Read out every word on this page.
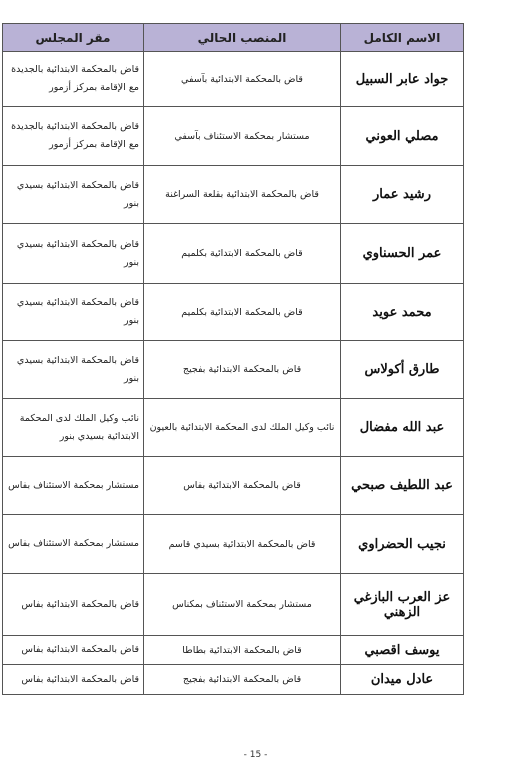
الاسم الكامل	المنصب الحالي	مقر المجلس
جواد عابر السبيل	قاض بالمحكمة الابتدائية بآسفي	قاض بالمحكمة الابتدائية بالجديدة مع الإقامة بمركز أزمور
مصلي العوني	مستشار بمحكمة الاستئناف بآسفي	قاض بالمحكمة الابتدائية بالجديدة مع الإقامة بمركز أزمور
رشيد عمار	قاض بالمحكمة الابتدائية بقلعة السراغنة	قاض بالمحكمة الابتدائية بسيدي بنور
عمر الحسناوي	قاض بالمحكمة الابتدائية بكلميم	قاض بالمحكمة الابتدائية بسيدي بنور
محمد عويد	قاض بالمحكمة الابتدائية بكلميم	قاض بالمحكمة الابتدائية بسيدي بنور
طارق أكولاس	قاض بالمحكمة الابتدائية بفجيج	قاض بالمحكمة الابتدائية بسيدي بنور
عبد الله مفضال	نائب وكيل الملك لدى المحكمة الابتدائية بالعيون	نائب وكيل الملك لدى المحكمة الابتدائية بسيدي بنور
عبد اللطيف صبحي	قاض بالمحكمة الابتدائية بفاس	مستشار بمحكمة الاستئناف بفاس
نجيب الحضراوي	قاض بالمحكمة الابتدائية بسيدي قاسم	مستشار بمحكمة الاستئناف بفاس
عز العرب البازغي الزهني	مستشار بمحكمة الاستئناف بمكناس	قاض بالمحكمة الابتدائية بفاس
يوسف اقصبي	قاض بالمحكمة الابتدائية بطاطا	قاض بالمحكمة الابتدائية بفاس
عادل ميدان	قاض بالمحكمة الابتدائية بفجيج	قاض بالمحكمة الابتدائية بفاس
- 15 -
